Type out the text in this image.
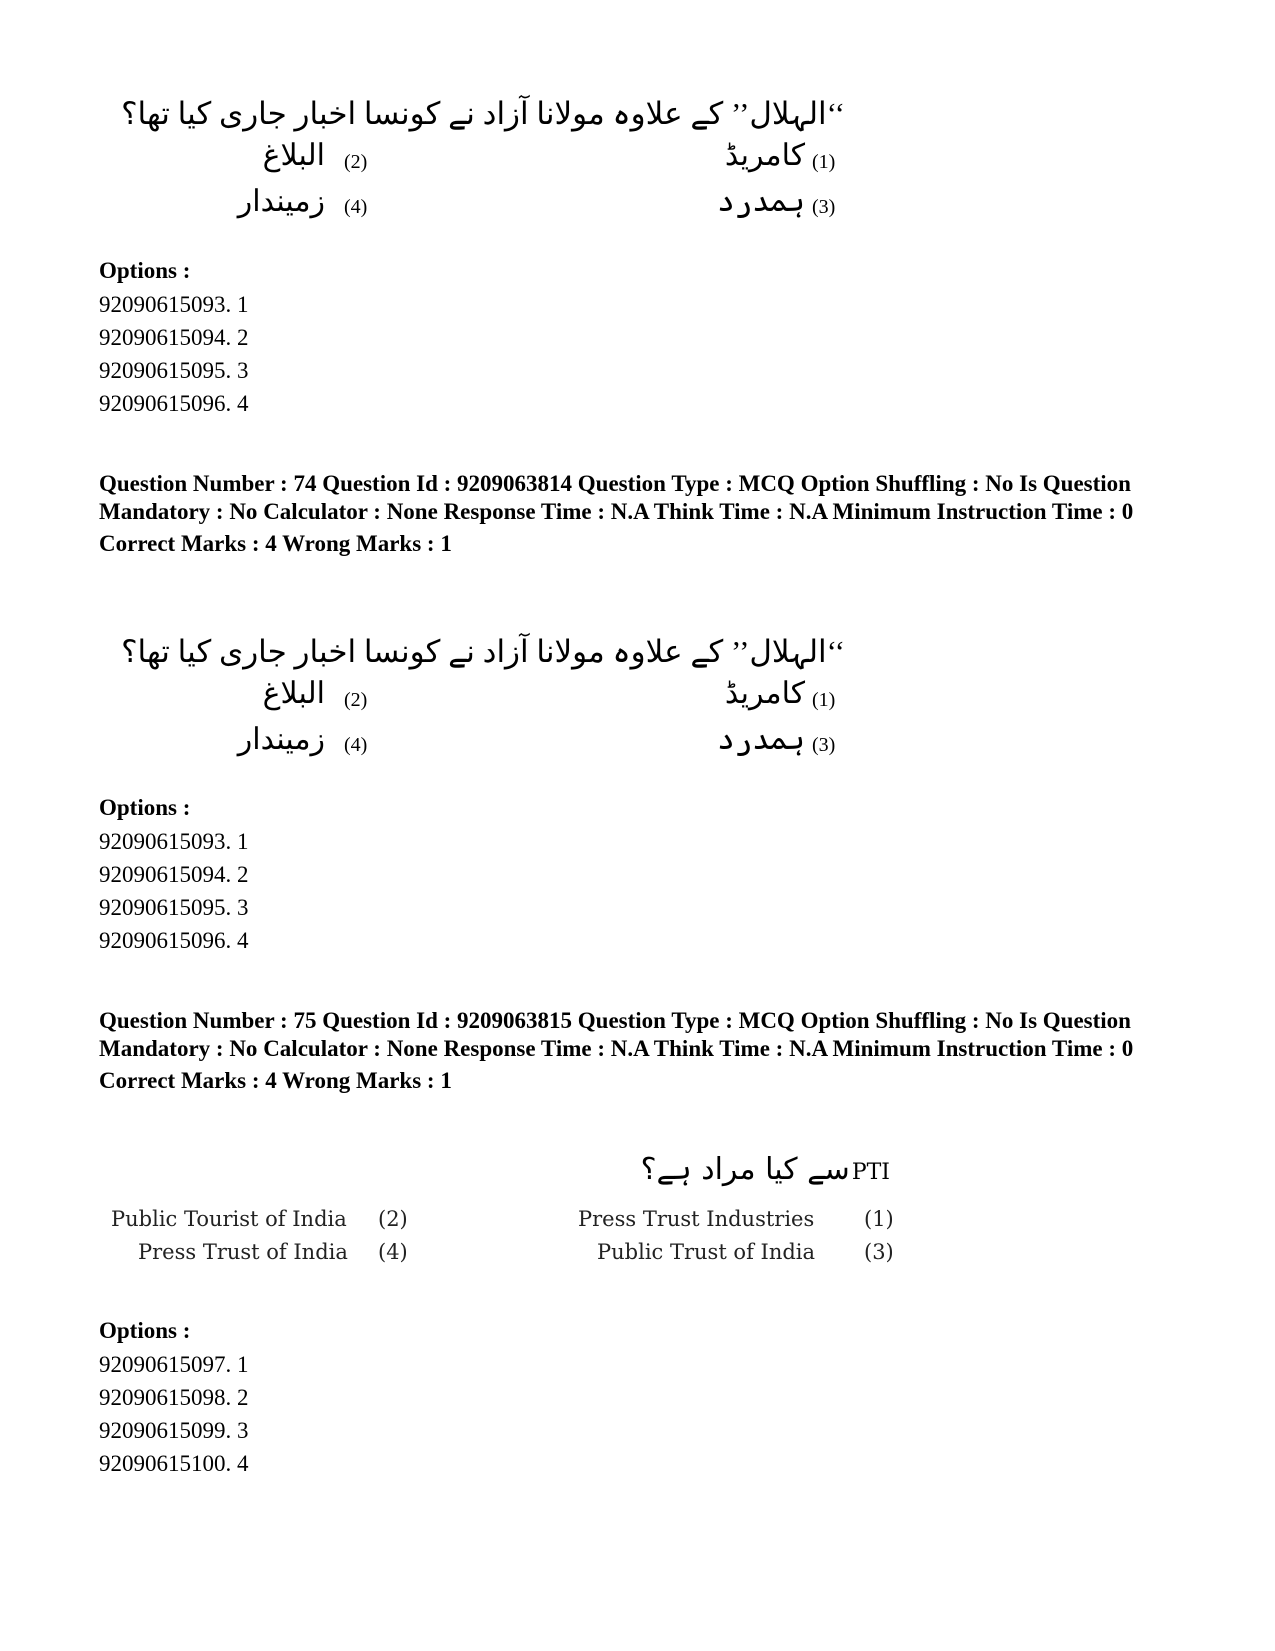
‘‘الہلال’’ کے علاوہ مولانا آزاد نے کونسا اخبار جاری کیا تھا؟
کامریڈ (1)
البلاغ (2)
ہمدرد (3)
زمیندار (4)
Options :
92090615093. 1
92090615094. 2
92090615095. 3
92090615096. 4
Question Number : 74 Question Id : 9209063814 Question Type : MCQ Option Shuffling : No Is Question Mandatory : No Calculator : None Response Time : N.A Think Time : N.A Minimum Instruction Time : 0
Correct Marks : 4 Wrong Marks : 1
‘‘الہلال’’ کے علاوہ مولانا آزاد نے کونسا اخبار جاری کیا تھا؟
کامریڈ (1)
البلاغ (2)
ہمدرد (3)
زمیندار (4)
Options :
92090615093. 1
92090615094. 2
92090615095. 3
92090615096. 4
Question Number : 75 Question Id : 9209063815 Question Type : MCQ Option Shuffling : No Is Question Mandatory : No Calculator : None Response Time : N.A Think Time : N.A Minimum Instruction Time : 0
Correct Marks : 4 Wrong Marks : 1
سے کیا مراد ہے؟ PTI
Press Trust Industries (1)
Public Tourist of India (2)
Public Trust of India (3)
Press Trust of India (4)
Options :
92090615097. 1
92090615098. 2
92090615099. 3
92090615100. 4
